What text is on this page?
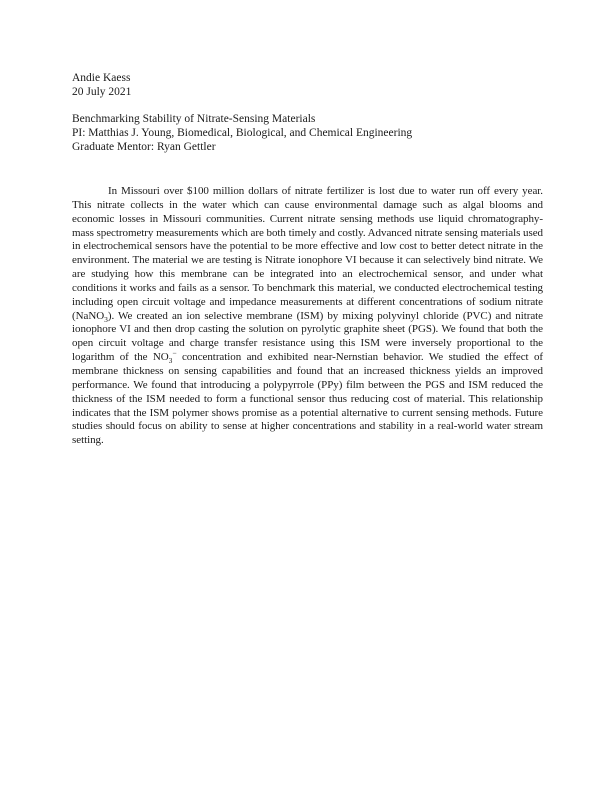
Andie Kaess
20 July 2021
Benchmarking Stability of Nitrate-Sensing Materials
PI: Matthias J. Young, Biomedical, Biological, and Chemical Engineering
Graduate Mentor: Ryan Gettler

In Missouri over $100 million dollars of nitrate fertilizer is lost due to water run off every year. This nitrate collects in the water which can cause environmental damage such as algal blooms and economic losses in Missouri communities. Current nitrate sensing methods use liquid chromatography-mass spectrometry measurements which are both timely and costly. Advanced nitrate sensing materials used in electrochemical sensors have the potential to be more effective and low cost to better detect nitrate in the environment. The material we are testing is Nitrate ionophore VI because it can selectively bind nitrate. We are studying how this membrane can be integrated into an electrochemical sensor, and under what conditions it works and fails as a sensor. To benchmark this material, we conducted electrochemical testing including open circuit voltage and impedance measurements at different concentrations of sodium nitrate (NaNO$_3$). We created an ion selective membrane (ISM) by mixing polyvinyl chloride (PVC) and nitrate ionophore VI and then drop casting the solution on pyrolytic graphite sheet (PGS). We found that both the open circuit voltage and charge transfer resistance using this ISM were inversely proportional to the logarithm of the $NO_3^-$ concentration and exhibited near-Nernstian behavior. We studied the effect of membrane thickness on sensing capabilities and found that an increased thickness yields an improved performance. We found that introducing a polypyrrole (PPy) film between the PGS and ISM reduced the thickness of the ISM needed to form a functional sensor thus reducing cost of material. This relationship indicates that the ISM polymer shows promise as a potential alternative to current sensing methods. Future studies should focus on ability to sense at higher concentrations and stability in a real-world water stream setting.
